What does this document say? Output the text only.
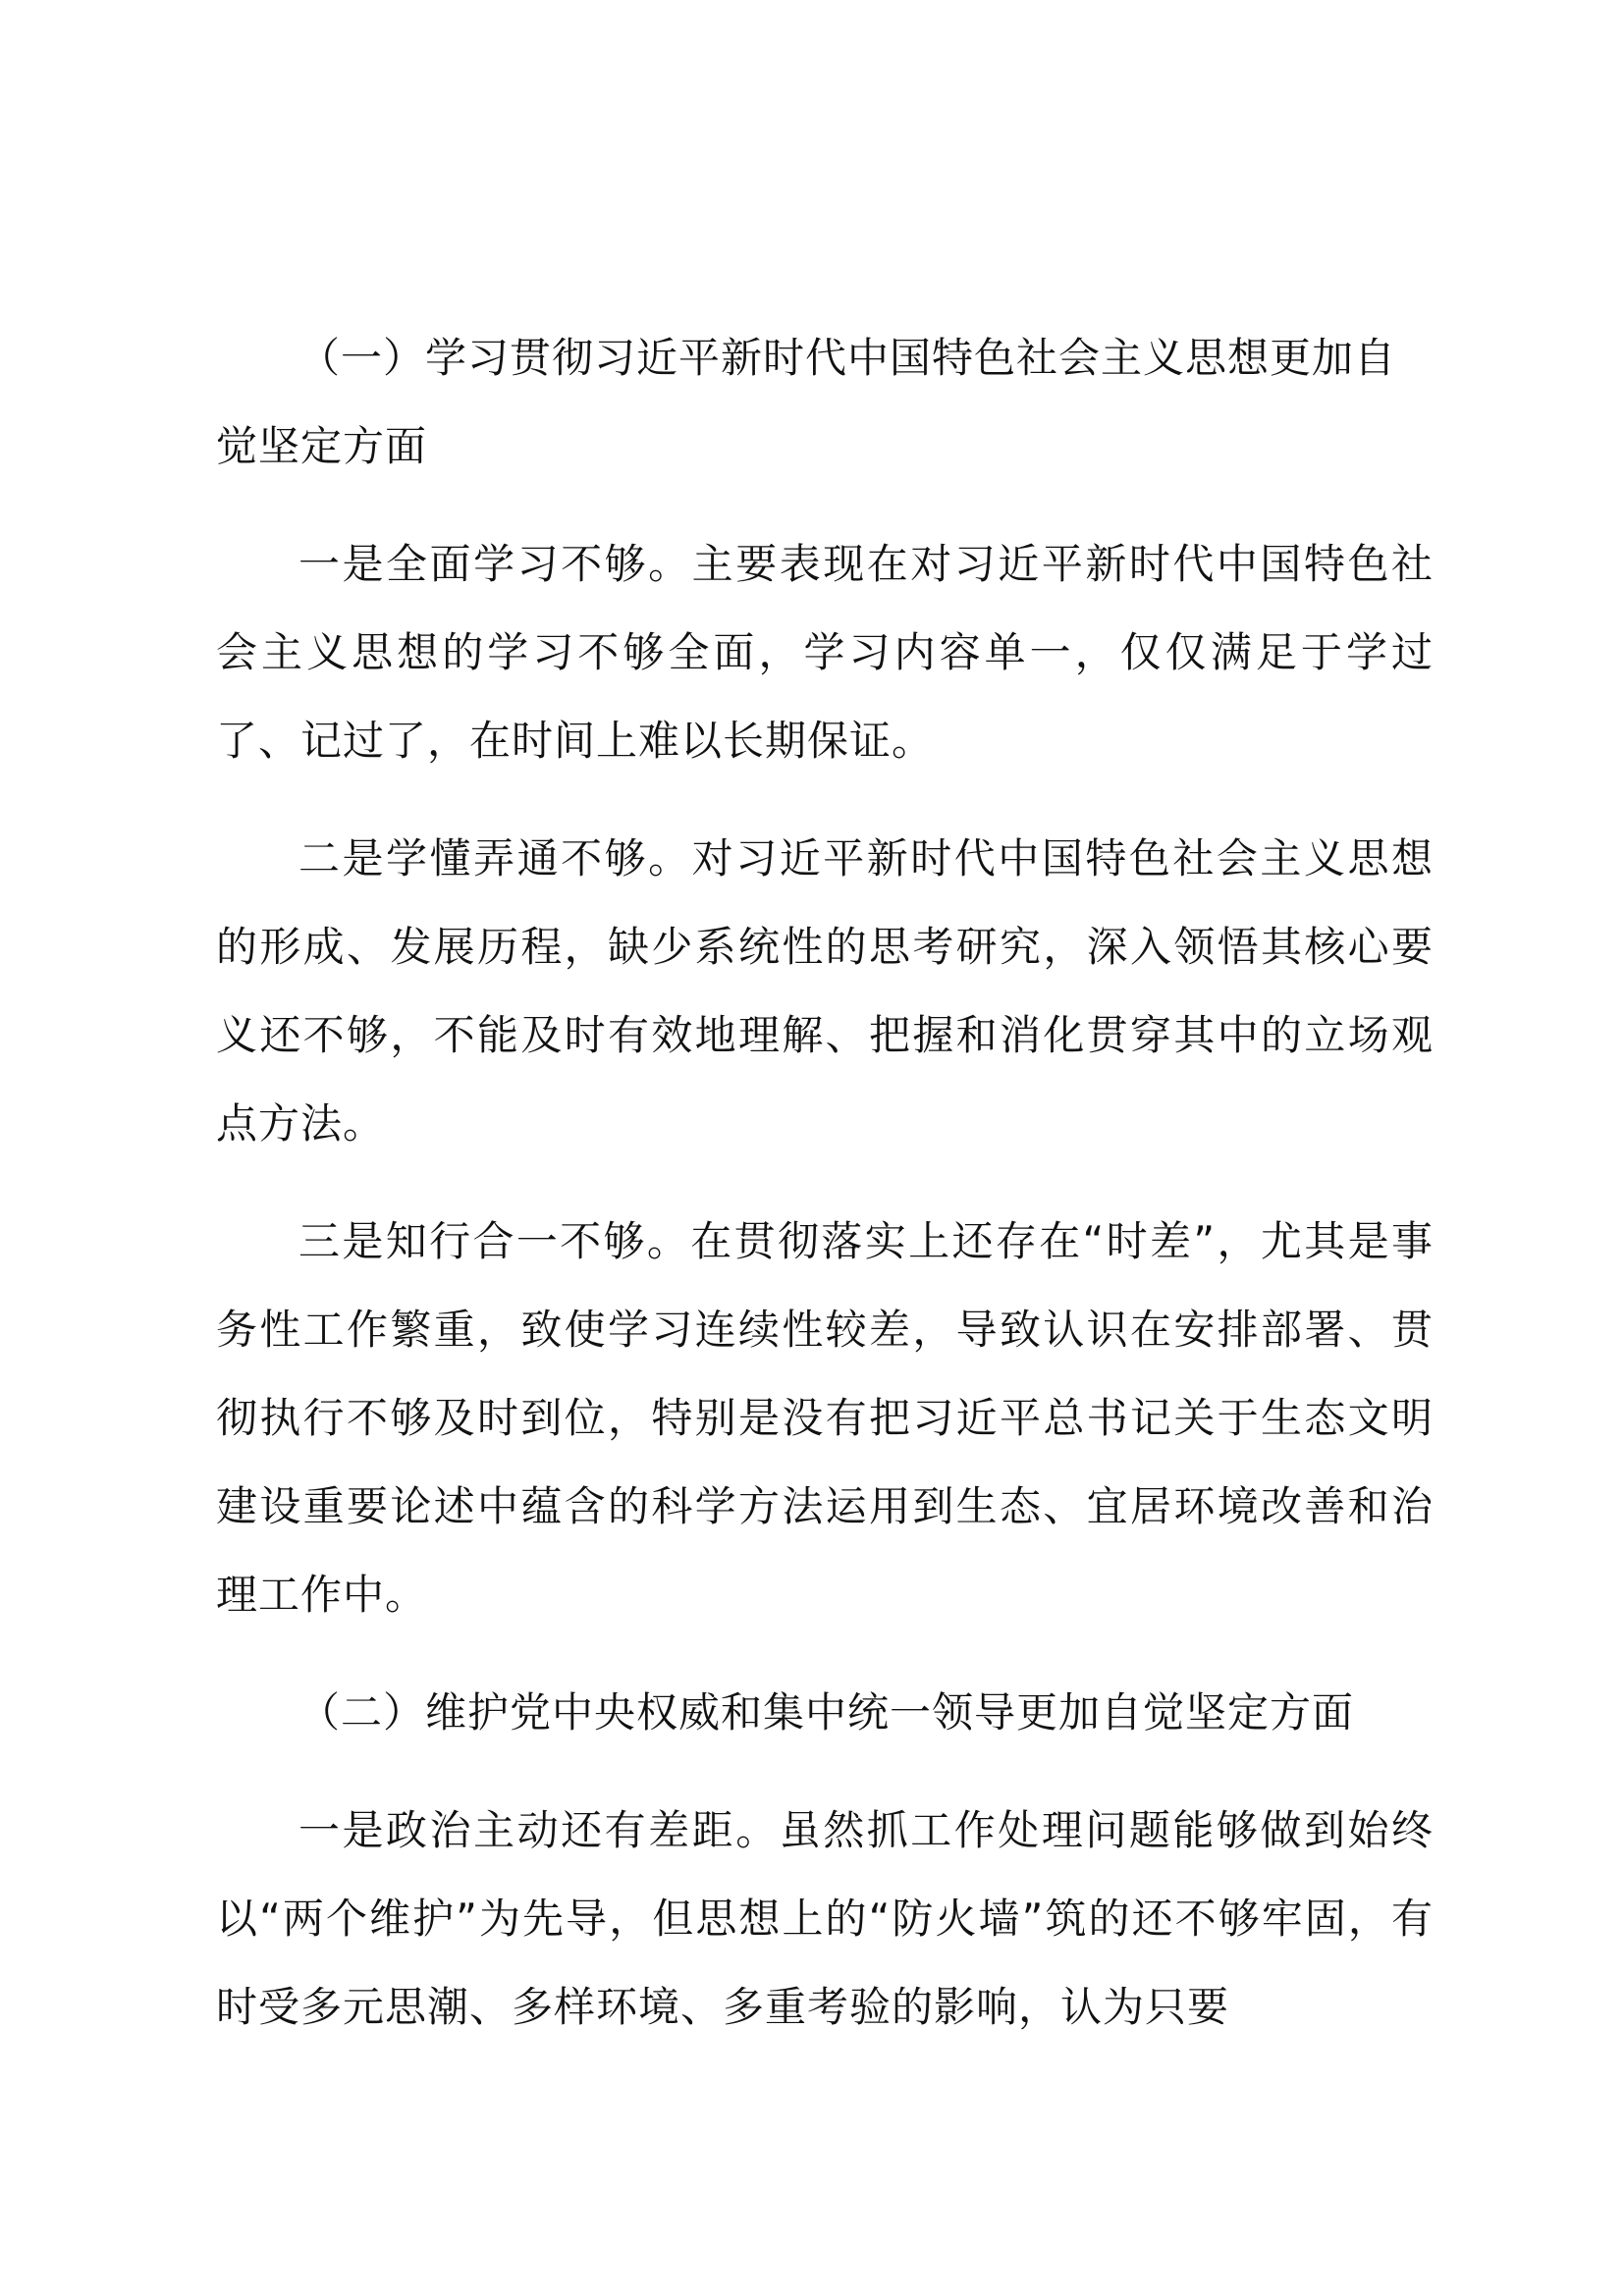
（一）学习贯彻习近平新时代中国特色社会主义思想更加自觉坚定方面

一是全面学习不够。主要表现在对习近平新时代中国特色社会主义思想的学习不够全面，学习内容单一，仅仅满足于学过了、记过了，在时间上难以长期保证。

二是学懂弄通不够。对习近平新时代中国特色社会主义思想的形成、发展历程，缺少系统性的思考研究，深入领悟其核心要义还不够，不能及时有效地理解、把握和消化贯穿其中的立场观点方法。

三是知行合一不够。在贯彻落实上还存在“时差”，尤其是事务性工作繁重，致使学习连续性较差，导致认识在安排部署、贯彻执行不够及时到位，特别是没有把习近平总书记关于生态文明建设重要论述中蕴含的科学方法运用到生态、宜居环境改善和治理工作中。

（二）维护党中央权威和集中统一领导更加自觉坚定方面

一是政治主动还有差距。虽然抓工作处理问题能够做到始终以“两个维护”为先导，但思想上的“防火墙”筑的还不够牢固，有时受多元思潮、多样环境、多重考验的影响，认为只要
